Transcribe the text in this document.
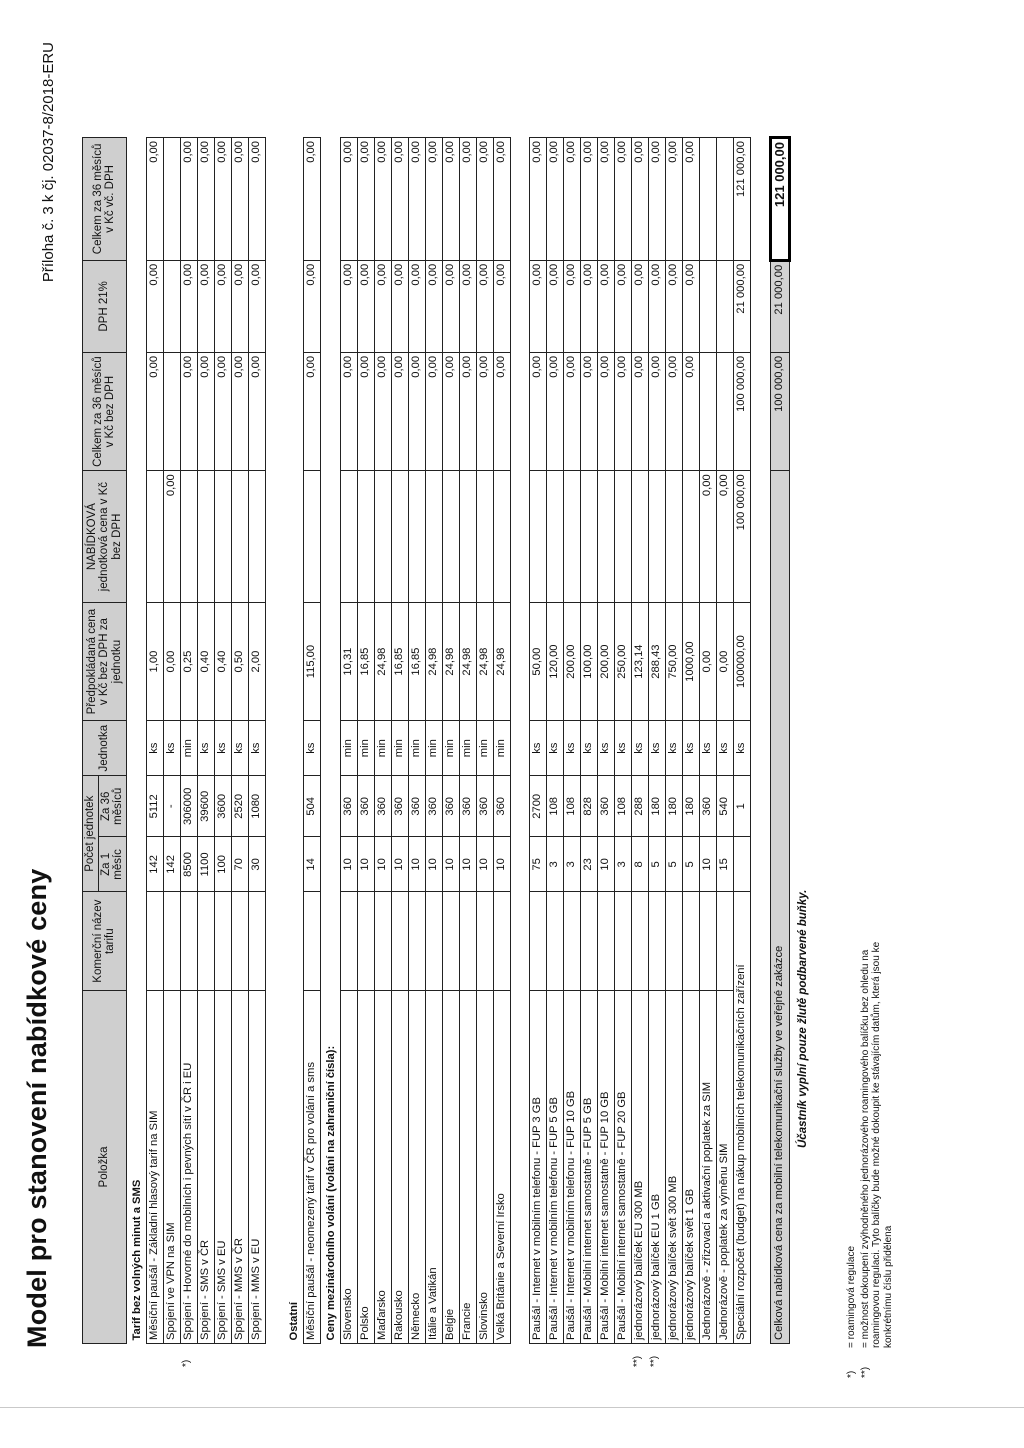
Model pro stanovení nabídkové ceny
Příloha č. 3 k čj. 02037-8/2018-ERU
Položka	Komerční název tarifu	Počet jednotek		Jednotka	Předpokládaná cena v Kč bez DPH za jednotku	NABÍDKOVÁ jednotková cena v Kč bez DPH	Celkem za 36 měsíců v Kč bez DPH	DPH 21%	Celkem za 36 měsíců v Kč vč. DPH
		Za 1 měsíc	Za 36 měsíců						
Tarif bez volných minut a SMS									

Měsíční paušál - Základní hlasový tarif na SIM		142	5112	ks	1,00		0,00	0,00	0,00

Spojení ve VPN na SIM		142	-	ks	0,00	0,00			

*)
Spojení - Hovorné do mobilních i pevných sítí v ČR i EU		8500	306000	min	0,25		0,00	0,00	0,00

Spojení - SMS v ČR		1100	39600	ks	0,40		0,00	0,00	0,00

Spojení - SMS v EU		100	3600	ks	0,40		0,00	0,00	0,00

Spojení - MMS v ČR		70	2520	ks	0,50		0,00	0,00	0,00

Spojení - MMS v EU		30	1080	ks	2,00		0,00	0,00	0,00

Ostatní									

Měsíční paušál - neomezený tarif v ČR pro volání a sms		14	504	ks	115,00		0,00	0,00	0,00
Ceny mezinárodního volání (volání na zahraniční čísla):									

Slovensko		10	360	min	10,31		0,00	0,00	0,00

Polsko		10	360	min	16,85		0,00	0,00	0,00

Maďarsko		10	360	min	24,98		0,00	0,00	0,00

Rakousko		10	360	min	16,85		0,00	0,00	0,00

Německo		10	360	min	16,85		0,00	0,00	0,00

Itálie a Vatikán		10	360	min	24,98		0,00	0,00	0,00

Belgie		10	360	min	24,98		0,00	0,00	0,00

Francie		10	360	min	24,98		0,00	0,00	0,00

Slovinsko		10	360	min	24,98		0,00	0,00	0,00

Velká Británie a Severní Irsko		10	360	min	24,98		0,00	0,00	0,00

Paušál - Internet v mobilním telefonu - FUP 3 GB		75	2700	ks	50,00		0,00	0,00	0,00

Paušál - Internet v mobilním telefonu - FUP 5 GB		3	108	ks	120,00		0,00	0,00	0,00

Paušál - Internet v mobilním telefonu - FUP 10 GB		3	108	ks	200,00		0,00	0,00	0,00

Paušál - Mobilní internet samostatně - FUP 5 GB		23	828	ks	100,00		0,00	0,00	0,00

Paušál - Mobilní internet samostatně - FUP 10 GB		10	360	ks	200,00		0,00	0,00	0,00

Paušál - Mobilní internet samostatně - FUP 20 GB		3	108	ks	250,00		0,00	0,00	0,00

**)
jednorázový balíček EU 300 MB		8	288	ks	123,14		0,00	0,00	0,00

**)
jednorázový balíček EU 1 GB		5	180	ks	288,43		0,00	0,00	0,00

jednorázový balíček svět 300 MB		5	180	ks	750,00		0,00	0,00	0,00

jednorázový balíček svět 1 GB		5	180	ks	1000,00		0,00	0,00	0,00

Jednorázově - zřizovací a aktivační poplatek za SIM		10	360	ks	0,00	0,00			

Jednorázově - poplatek za výměnu SIM		15	540	ks	0,00	0,00			
Speciální rozpočet (budget) na nákup mobilních telekomunikačních zařízení			1	ks	100000,00	100 000,00	100 000,00	21 000,00	121 000,00

Celková nabídková cena za mobilní telekomunikační služby ve veřejné zakázce							100 000,00	21 000,00	121 000,00
Účastník vyplní pouze žlutě podbarvené buňky.
*)
= roamingová regulace
**)
= možnost dokoupení zvýhodněného jednorázového roamingového balíčku bez ohledu na roamingovou regulaci. Tyto balíčky bude možné dokoupit ke stávajícím datům, která jsou ke konkrétnímu číslu přidělena
